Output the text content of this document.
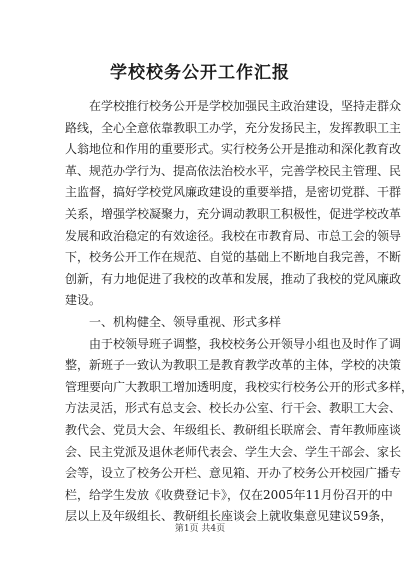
学校校务公开工作汇报
在学校推行校务公开是学校加强民主政治建设，坚持走群众
路线，全心全意依靠教职工办学，充分发扬民主，发挥教职工主
人翁地位和作用的重要形式。实行校务公开是推动和深化教育改
革、规范办学行为、提高依法治校水平，完善学校民主管理、民
主监督，搞好学校党风廉政建设的重要举措，是密切党群、干群
关系，增强学校凝聚力，充分调动教职工积极性，促进学校改革
发展和政治稳定的有效途径。我校在市教育局、市总工会的领导
下，校务公开工作在规范、自觉的基础上不断地自我完善，不断
创新，有力地促进了我校的改革和发展，推动了我校的党风廉政
建设。
一、机构健全、领导重视、形式多样
由于校领导班子调整，我校校务公开领导小组也及时作了调
整，新班子一致认为教职工是教育教学改革的主体，学校的决策
管理要向广大教职工增加透明度，我校实行校务公开的形式多样，
方法灵活，形式有总支会、校长办公室、行干会、教职工大会、
教代会、党员大会、年级组长、教研组长联席会、青年教师座谈
会、民主党派及退休老师代表会、学生大会、学生干部会、家长
会等，设立了校务公开栏、意见箱、开办了校务公开校园广播专
栏，给学生发放《收费登记卡》，仅在2005年11月份召开的中
层以上及年级组长、教研组长座谈会上就收集意见建议59条，
第1页 共4页
